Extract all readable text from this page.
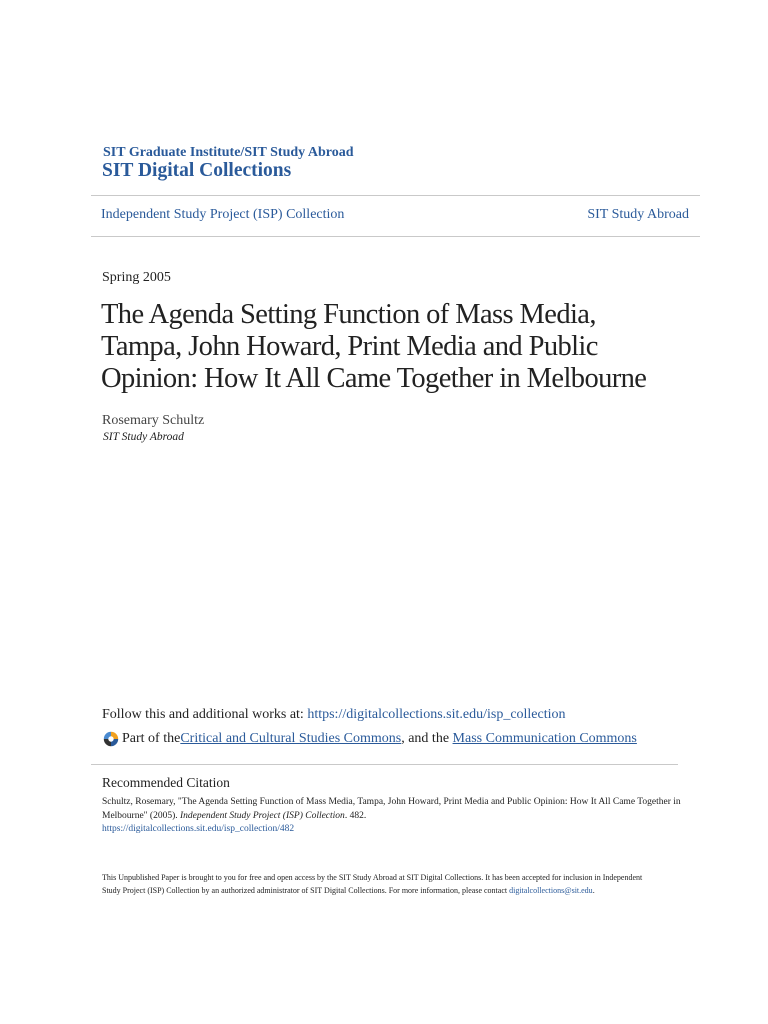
SIT Graduate Institute/SIT Study Abroad
SIT Digital Collections
Independent Study Project (ISP) Collection	SIT Study Abroad
Spring 2005
The Agenda Setting Function of Mass Media,
Tampa, John Howard, Print Media and Public
Opinion: How It All Came Together in Melbourne
Rosemary Schultz
SIT Study Abroad
Follow this and additional works at: https://digitalcollections.sit.edu/isp_collection
Part of the Critical and Cultural Studies Commons , and the Mass Communication Commons
Recommended Citation
Schultz, Rosemary, "The Agenda Setting Function of Mass Media, Tampa, John Howard, Print Media and Public Opinion: How It All Came Together in Melbourne" (2005). Independent Study Project (ISP) Collection. 482.
https://digitalcollections.sit.edu/isp_collection/482
This Unpublished Paper is brought to you for free and open access by the SIT Study Abroad at SIT Digital Collections. It has been accepted for inclusion in Independent Study Project (ISP) Collection by an authorized administrator of SIT Digital Collections. For more information, please contact digitalcollections@sit.edu.
